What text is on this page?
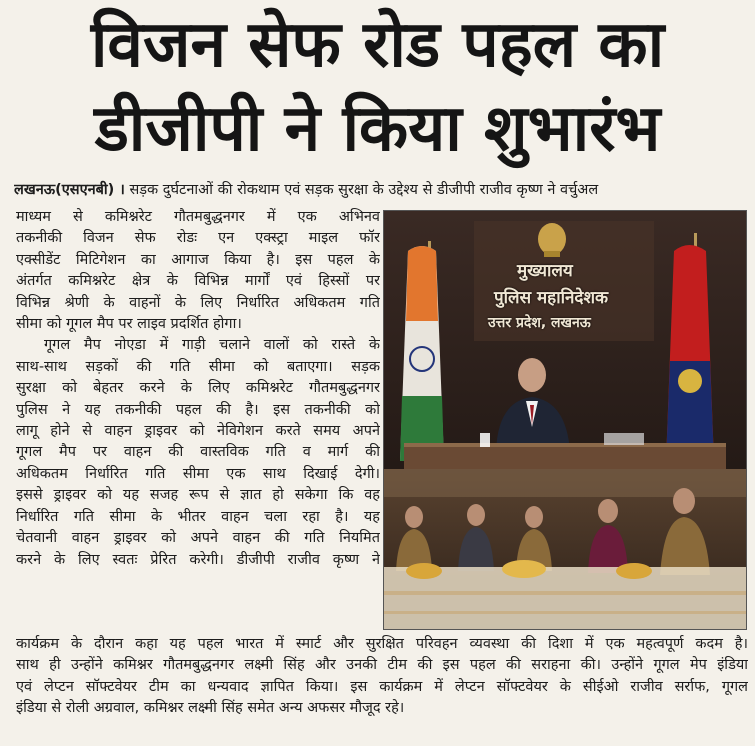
विजन सेफ रोड पहल का
डीजीपी ने किया शुभारंभ
लखनऊ(एसएनबी) । सड़क दुर्घटनाओं की रोकथाम एवं सड़क सुरक्षा के उद्देश्य से डीजीपी राजीव कृष्ण ने वर्चुअल
माध्यम से कमिश्नरेट गौतमबुद्धनगर में एक अभिनव
तकनीकी विजन सेफ रोडः एन एक्स्ट्रा माइल फॉर
एक्सीडेंट मिटिगेशन का आगाज किया है। इस पहल के
अंतर्गत कमिश्नरेट क्षेत्र के विभिन्न मार्गों एवं हिस्सों पर
विभिन्न श्रेणी के वाहनों के लिए निर्धारित अधिकतम गति
सीमा को गूगल मैप पर लाइव प्रदर्शित होगा।
गूगल मैप नोएडा में गाड़ी चलाने वालों को रास्ते के
साथ-साथ सड़कों की गति सीमा को बताएगा। सड़क
सुरक्षा को बेहतर करने के लिए कमिश्नरेट गौतमबुद्धनगर
पुलिस ने यह तकनीकी पहल की है। इस तकनीकी को
लागू होने से वाहन ड्राइवर को नेविगेशन करते समय अपने
गूगल मैप पर वाहन की वास्तविक गति व मार्ग की
अधिकतम निर्धारित गति सीमा एक साथ दिखाई देगी।
इससे ड्राइवर को यह सजह रूप से ज्ञात हो सकेगा कि वह
निर्धारित गति सीमा के भीतर वाहन चला रहा है। यह
चेतवानी वाहन ड्राइवर को अपने वाहन की गति नियमित
करने के लिए स्वतः प्रेरित करेगी। डीजीपी राजीव कृष्ण ने
मुख्यालय
पुलिस महानिदेशक
उत्तर प्रदेश, लखनऊ
कार्यक्रम के दौरान कहा यह पहल भारत में स्मार्ट और सुरक्षित परिवहन व्यवस्था की दिशा में एक महत्वपूर्ण कदम है।
साथ ही उन्होंने कमिश्नर गौतमबुद्धनगर लक्ष्मी सिंह और उनकी टीम की इस पहल की सराहना की। उन्होंने गूगल मेप इंडिया
एवं लेप्टन सॉफ्टवेयर टीम का धन्यवाद ज्ञापित किया। इस कार्यक्रम में लेप्टन सॉफ्टवेयर के सीईओ राजीव सर्राफ, गूगल
इंडिया से रोली अग्रवाल, कमिश्नर लक्ष्मी सिंह समेत अन्य अफसर मौजूद रहे।
